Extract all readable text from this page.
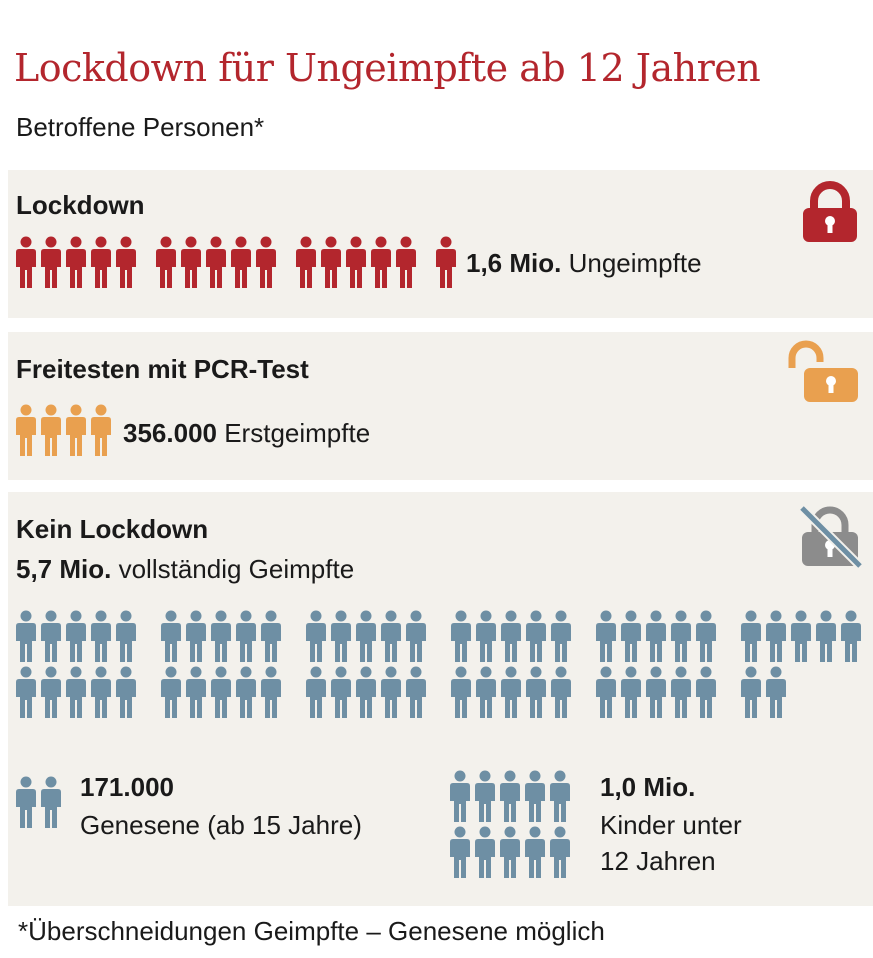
Lockdown für Ungeimpfte ab 12 Jahren
Betroffene Personen*
Lockdown
1,6 Mio. Ungeimpfte
Freitesten mit PCR-Test
356.000 Erstgeimpfte
Kein Lockdown
5,7 Mio. vollständig Geimpfte
171.000
Genesene (ab 15 Jahre)
1,0 Mio.
Kinder unter
12 Jahren
*Überschneidungen Geimpfte – Genesene möglich
